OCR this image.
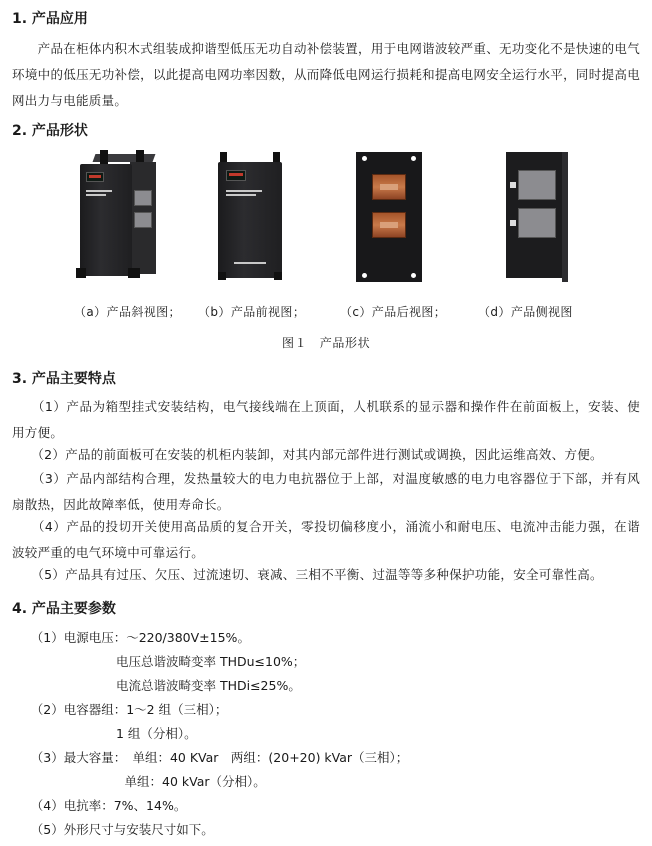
1. 产品应用
　　产品在柜体内积木式组装成抑谐型低压无功自动补偿装置，用于电网谐波较严重、无功变化不是快速的电气环境中的低压无功补偿，以此提高电网功率因数，从而降低电网运行损耗和提高电网安全运行水平，同时提高电网出力与电能质量。
2. 产品形状
（a）产品斜视图； （b）产品前视图；	（c）产品后视图；	（d）产品侧视图
图１　产品形状
3. 产品主要特点
　　（1）产品为箱型挂式安装结构，电气接线端在上顶面，人机联系的显示器和操作件在前面板上，安装、使用方便。
　　（2）产品的前面板可在安装的机柜内装卸，对其内部元部件进行测试或调换，因此运维高效、方便。
　　（3）产品内部结构合理，发热量较大的电力电抗器位于上部，对温度敏感的电力电容器位于下部，并有风扇散热，因此故障率低，使用寿命长。
　　（4）产品的投切开关使用高品质的复合开关，零投切偏移度小，涌流小和耐电压、电流冲击能力强，在谐波较严重的电气环境中可靠运行。
　　（5）产品具有过压、欠压、过流速切、衰减、三相不平衡、过温等等多种保护功能，安全可靠性高。
4. 产品主要参数
　　（1）电源电压：～220/380V±15%。
　　　　　　　　 电压总谐波畸变率 THDu≤10%；
　　　　　　　　 电流总谐波畸变率 THDi≤25%。
　　（2）电容器组：1～2 组（三相）；
　　　　　　　　 1 组（分相）。
　　（3）最大容量：　单组：40 KVar　两组：(20+20) kVar（三相）；
　　　　　　　　　单组：40 kVar（分相）。
　　（4）电抗率：7%、14%。
　　（5）外形尺寸与安装尺寸如下。
